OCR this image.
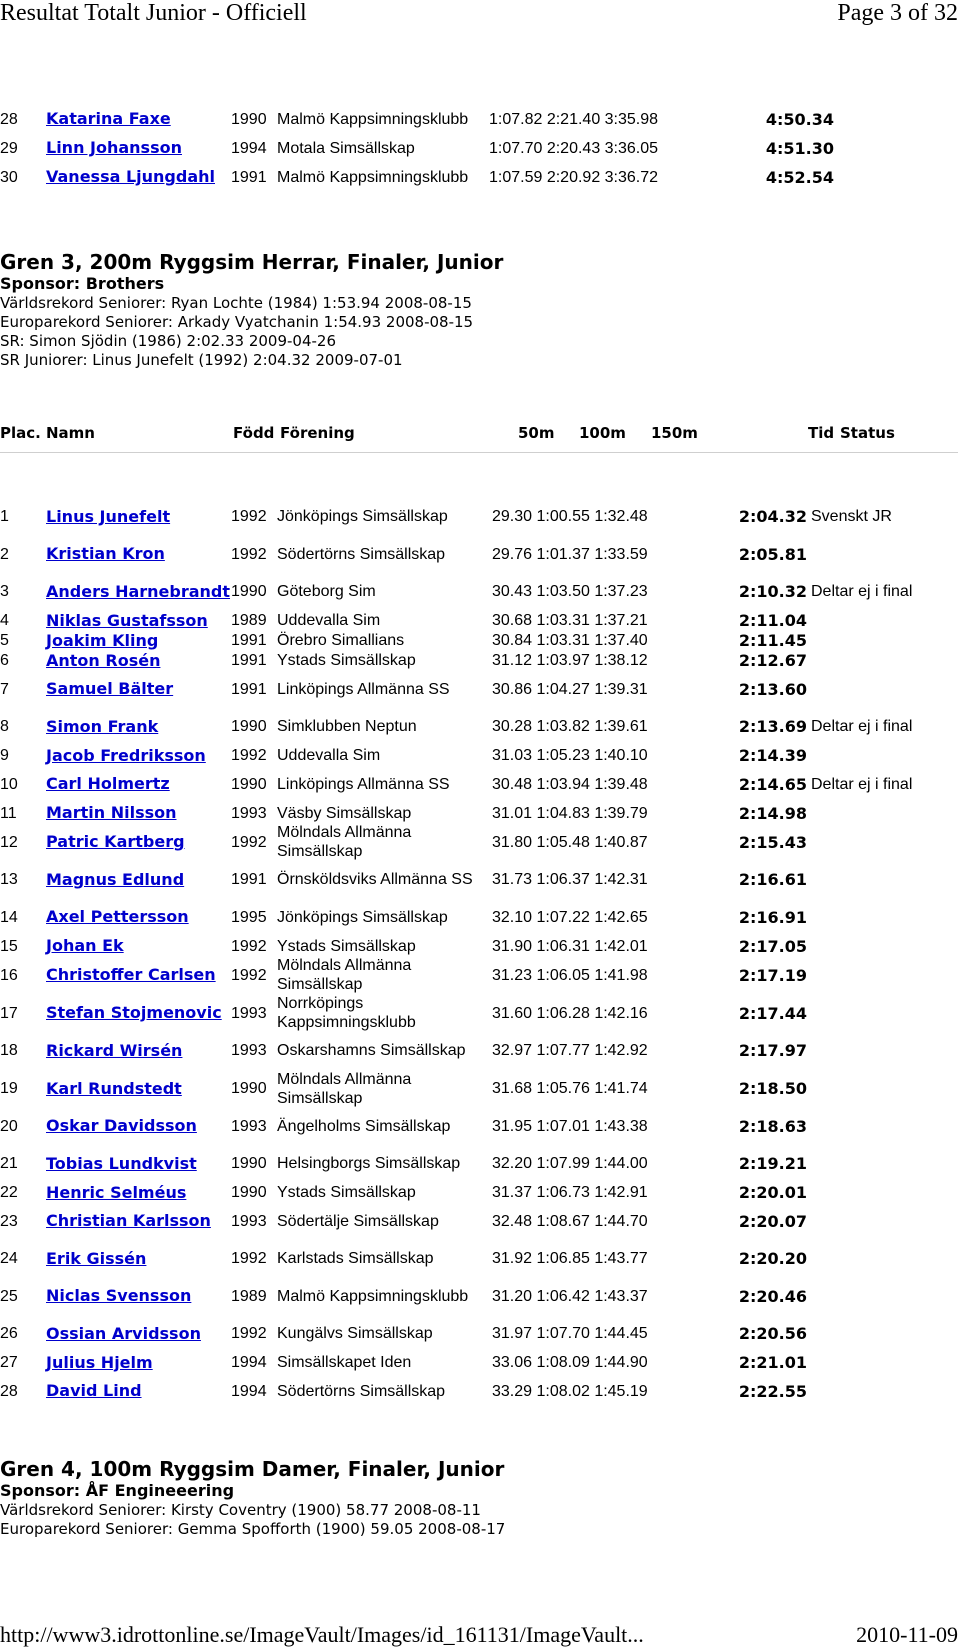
Resultat Totalt Junior - Officiell	Page 3 of 32
28	Katarina Faxe	1990	Malmö Kappsimningsklubb	1:07.82 2:21.40 3:35.98	4:50.34
29	Linn Johansson	1994	Motala Simsällskap	1:07.70 2:20.43 3:36.05	4:51.30
30	Vanessa Ljungdahl	1991	Malmö Kappsimningsklubb	1:07.59 2:20.92 3:36.72	4:52.54
Gren 3, 200m Ryggsim Herrar, Finaler, Junior
Sponsor: Brothers
Världsrekord Seniorer: Ryan Lochte (1984) 1:53.94 2008-08-15
Europarekord Seniorer: Arkady Vyatchanin 1:54.93 2008-08-15
SR: Simon Sjödin (1986) 2:02.33 2009-04-26
SR Juniorer: Linus Junefelt (1992) 2:04.32 2009-07-01
Plac. Namn	Född Förening	50m 100m 150m	Tid Status
1	Linus Junefelt	1992	Jönköpings Simsällskap	29.30 1:00.55 1:32.48	2:04.32	Svenskt JR
2	Kristian Kron	1992	Södertörns Simsällskap	29.76 1:01.37 1:33.59	2:05.81	
3	Anders Harnebrandt	1990	Göteborg Sim	30.43 1:03.50 1:37.23	2:10.32	Deltar ej i final
4	Niklas Gustafsson	1989	Uddevalla Sim	30.68 1:03.31 1:37.21	2:11.04	
5	Joakim Kling	1991	Örebro Simallians	30.84 1:03.31 1:37.40	2:11.45	
6	Anton Rosén	1991	Ystads Simsällskap	31.12 1:03.97 1:38.12	2:12.67	
7	Samuel Bälter	1991	Linköpings Allmänna SS	30.86 1:04.27 1:39.31	2:13.60	
8	Simon Frank	1990	Simklubben Neptun	30.28 1:03.82 1:39.61	2:13.69	Deltar ej i final
9	Jacob Fredriksson	1992	Uddevalla Sim	31.03 1:05.23 1:40.10	2:14.39	
10	Carl Holmertz	1990	Linköpings Allmänna SS	30.48 1:03.94 1:39.48	2:14.65	Deltar ej i final
11	Martin Nilsson	1993	Väsby Simsällskap	31.01 1:04.83 1:39.79	2:14.98	
12	Patric Kartberg	1992	Mölndals Allmänna Simsällskap	31.80 1:05.48 1:40.87	2:15.43	
13	Magnus Edlund	1991	Örnsköldsviks Allmänna SS	31.73 1:06.37 1:42.31	2:16.61	
14	Axel Pettersson	1995	Jönköpings Simsällskap	32.10 1:07.22 1:42.65	2:16.91	
15	Johan Ek	1992	Ystads Simsällskap	31.90 1:06.31 1:42.01	2:17.05	
16	Christoffer Carlsen	1992	Mölndals Allmänna Simsällskap	31.23 1:06.05 1:41.98	2:17.19	
17	Stefan Stojmenovic	1993	Norrköpings Kappsimningsklubb	31.60 1:06.28 1:42.16	2:17.44	
18	Rickard Wirsén	1993	Oskarshamns Simsällskap	32.97 1:07.77 1:42.92	2:17.97	
19	Karl Rundstedt	1990	Mölndals Allmänna Simsällskap	31.68 1:05.76 1:41.74	2:18.50	
20	Oskar Davidsson	1993	Ängelholms Simsällskap	31.95 1:07.01 1:43.38	2:18.63	
21	Tobias Lundkvist	1990	Helsingborgs Simsällskap	32.20 1:07.99 1:44.00	2:19.21	
22	Henric Selméus	1990	Ystads Simsällskap	31.37 1:06.73 1:42.91	2:20.01	
23	Christian Karlsson	1993	Södertälje Simsällskap	32.48 1:08.67 1:44.70	2:20.07	
24	Erik Gissén	1992	Karlstads Simsällskap	31.92 1:06.85 1:43.77	2:20.20	
25	Niclas Svensson	1989	Malmö Kappsimningsklubb	31.20 1:06.42 1:43.37	2:20.46	
26	Ossian Arvidsson	1992	Kungälvs Simsällskap	31.97 1:07.70 1:44.45	2:20.56	
27	Julius Hjelm	1994	Simsällskapet Iden	33.06 1:08.09 1:44.90	2:21.01	
28	David Lind	1994	Södertörns Simsällskap	33.29 1:08.02 1:45.19	2:22.55	
Gren 4, 100m Ryggsim Damer, Finaler, Junior
Sponsor: ÅF Engineeering
Världsrekord Seniorer: Kirsty Coventry (1900) 58.77 2008-08-11
Europarekord Seniorer: Gemma Spofforth (1900) 59.05 2008-08-17
http://www3.idrottonline.se/ImageVault/Images/id_161131/ImageVault...	2010-11-09
